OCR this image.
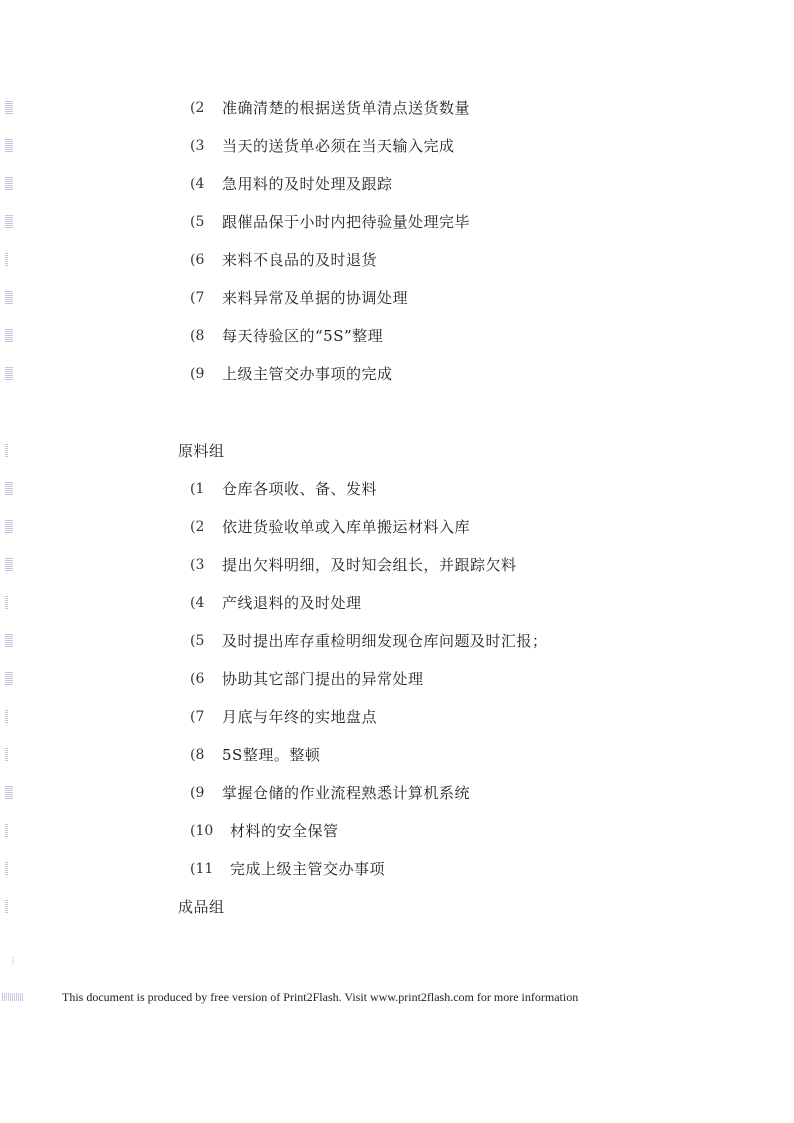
(2	准确清楚的根据送货单清点送货数量
(3	当天的送货单必须在当天输入完成
(4	急用料的及时处理及跟踪
(5	跟催品保于小时内把待验量处理完毕
(6	来料不良品的及时退货
(7	来料异常及单据的协调处理
(8	每天待验区的“5S”整理
(9	上级主管交办事项的完成
原料组
(1	仓库各项收、备、发料
(2	依进货验收单或入库单搬运材料入库
(3	提出欠料明细，及时知会组长，并跟踪欠料
(4	产线退料的及时处理
(5	及时提出库存重检明细发现仓库问题及时汇报；
(6	协助其它部门提出的异常处理
(7	月底与年终的实地盘点
(8	5S整理。整顿
(9	掌握仓储的作业流程熟悉计算机系统
(10	材料的安全保管
(11	完成上级主管交办事项
成品组
This document is produced by free version of Print2Flash. Visit www.print2flash.com for more information
